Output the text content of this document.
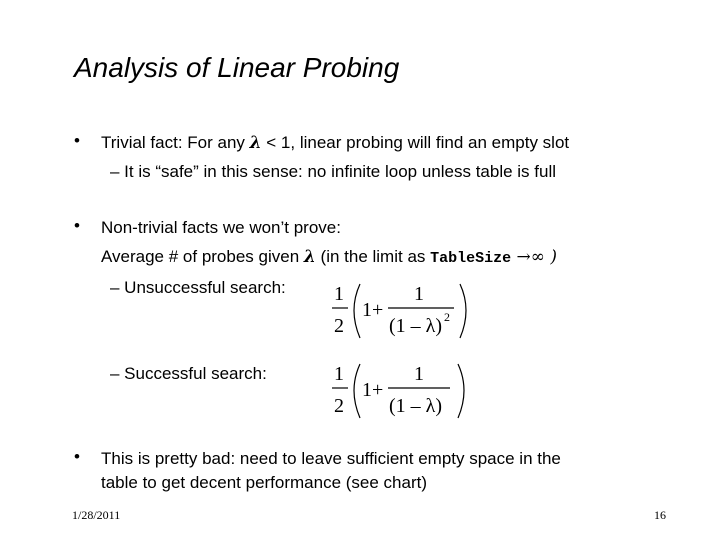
Analysis of Linear Probing
• Trivial fact: For any λ < 1, linear probing will find an empty slot
– It is “safe” in this sense: no infinite loop unless table is full
• Non-trivial facts we won’t prove:
Average # of probes given λ (in the limit as TableSize →∞ )
– Unsuccessful search:
– Successful search:
1
2
1+
1
(1 – λ) 2
1
2
1+
1
(1 – λ)
• This is pretty bad: need to leave sufficient empty space in the
table to get decent performance (see chart)
1/28/2011	16
